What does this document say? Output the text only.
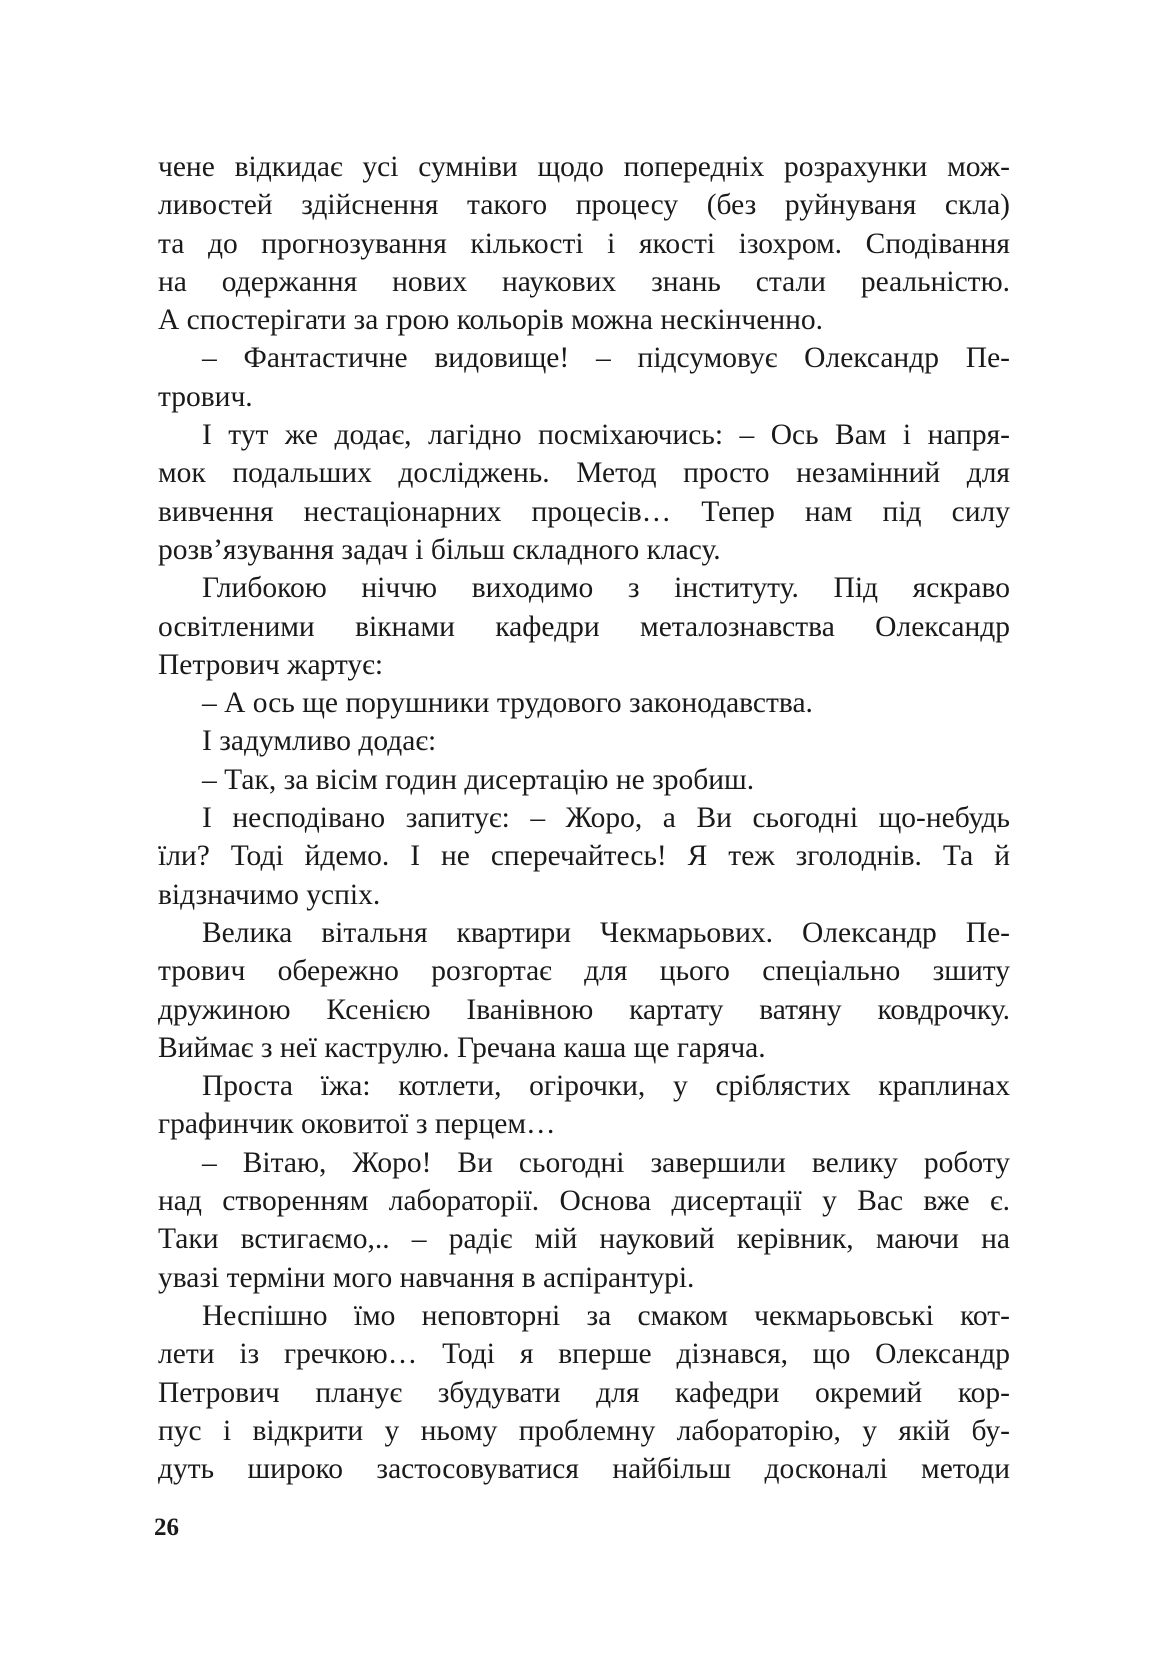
чене відкидає усі сумніви щодо попередніх розрахунки мож-
ливостей здійснення такого процесу (без руйнуваня скла)
та до прогнозування кількості і якості ізохром. Сподівання
на одержання нових наукових знань стали реальністю.
А спостерігати за грою кольорів можна нескінченно.
– Фантастичне видовище! – підсумовує Олександр Пе-
трович.
І тут же додає, лагідно посміхаючись: – Ось Вам і напря-
мок подальших досліджень. Метод просто незамінний для
вивчення нестаціонарних процесів… Тепер нам під силу
розв’язування задач і більш складного класу.
Глибокою ніччю виходимо з інституту. Під яскраво
освітленими вікнами кафедри металознавства Олександр
Петрович жартує:
– А ось ще порушники трудового законодавства.
І задумливо додає:
– Так, за вісім годин дисертацію не зробиш.
І несподівано запитує: – Жоро, а Ви сьогодні що-небудь
їли? Тоді йдемо. І не сперечайтесь! Я теж зголоднів. Та й
відзначимо успіх.
Велика вітальня квартири Чекмарьових. Олександр Пе-
трович обережно розгортає для цього спеціально зшиту
дружиною Ксенією Іванівною картату ватяну ковдрочку.
Виймає з неї каструлю. Гречана каша ще гаряча.
Проста їжа: котлети, огірочки, у сріблястих краплинах
графинчик оковитої з перцем…
– Вітаю, Жоро! Ви сьогодні завершили велику роботу
над створенням лабораторії. Основа дисертації у Вас вже є.
Таки встигаємо,.. – радіє мій науковий керівник, маючи на
увазі терміни мого навчання в аспірантурі.
Неспішно їмо неповторні за смаком чекмарьовські кот-
лети із гречкою… Тоді я вперше дізнався, що Олександр
Петрович планує збудувати для кафедри окремий кор-
пус і відкрити у ньому проблемну лабораторію, у якій бу-
дуть широко застосовуватися найбільш досконалі методи
26
